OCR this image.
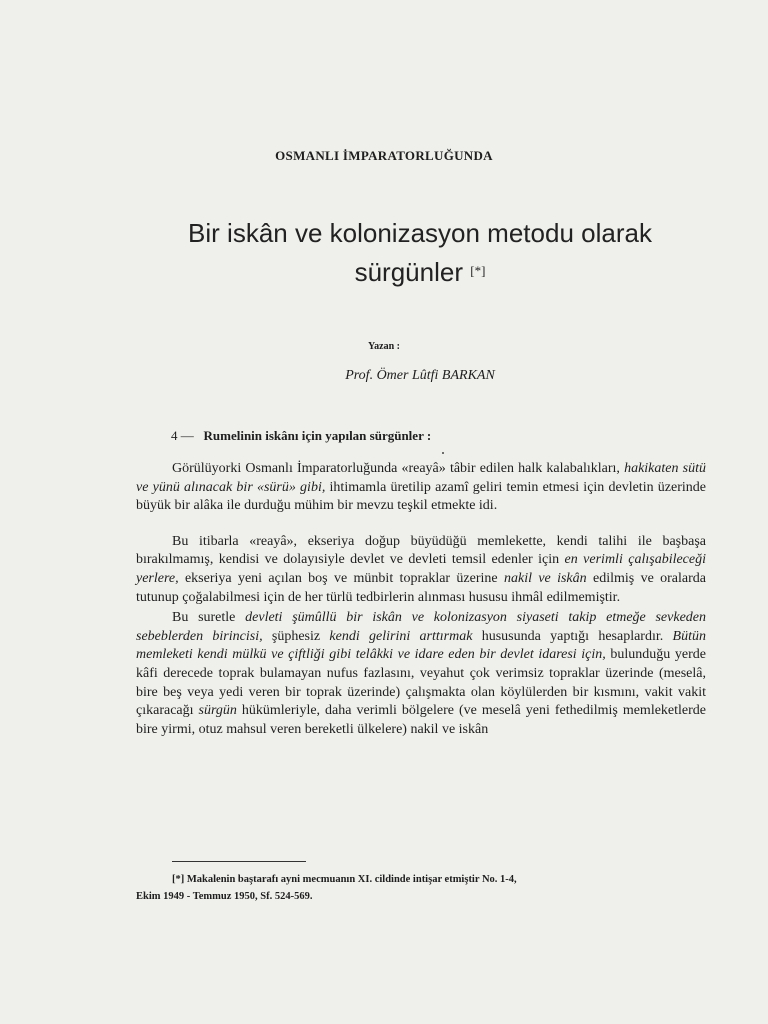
OSMANLI İMPARATORLUĞUNDA
Bir iskân ve kolonizasyon metodu olarak
sürgünler [*]
Yazan :
Prof. Ömer Lûtfi BARKAN
4 — Rumelinin iskânı için yapılan sürgünler :

Görülüyorki Osmanlı İmparatorluğunda «reayâ» tâbir edilen halk kalabalıkları, hakikaten sütü ve yünü alınacak bir «sürü» gibi, ihtimamla üretilip azamî geliri temin etmesi için devletin üzerinde büyük bir alâka ile durduğu mühim bir mevzu teşkil etmekte idi.

Bu itibarla «reayâ», ekseriya doğup büyüdüğü memlekette, kendi talihi ile başbaşa bırakılmamış, kendisi ve dolayısiyle devlet ve devleti temsil edenler için en verimli çalışabileceği yerlere, ekseriya yeni açılan boş ve münbit topraklar üzerine nakil ve iskân edilmiş ve oralarda tutunup çoğalabilmesi için de her türlü tedbirlerin alınması hususu ihmâl edilmemiştir.

Bu suretle devleti şümûllü bir iskân ve kolonizasyon siyaseti takip etmeğe sevkeden sebeblerden birincisi, şüphesiz kendi gelirini arttırmak hususunda yaptığı hesaplardır. Bütün memleketi kendi mülkü ve çiftliği gibi telâkki ve idare eden bir devlet idaresi için, bulunduğu yerde kâfi derecede toprak bulamayan nufus fazlasını, veyahut çok verimsiz topraklar üzerinde (meselâ, bire beş veya yedi veren bir toprak üzerinde) çalışmakta olan köylülerden bir kısmını, vakit vakit çıkaracağı sürgün hükümleriyle, daha verimli bölgelere (ve meselâ yeni fethedilmiş memleketlerde bire yirmi, otuz mahsul veren bereketli ülkelere) nakil ve iskân

[*] Makalenin baştarafı ayni mecmuanın XI. cildinde intişar etmiştir No. 1-4,
Ekim 1949 - Temmuz 1950, Sf. 524-569.
